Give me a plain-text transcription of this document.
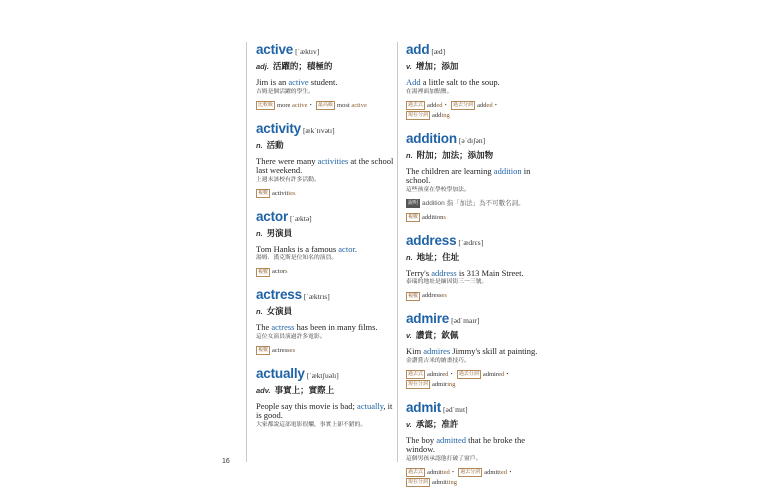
active [ˈæktɪv]
adj. 活躍的；積極的
Jim is an active student.
吉姆是個活躍的學生。
比較級 more active・ 最高級 most active
activity [ækˈtɪvətɪ]
n. 活動
There were many activities at the school last weekend.
上週末該校有許多活動。
複數 activities
actor [ˈæktə]
n. 男演員
Tom Hanks is a famous actor.
湯姆．漢克斯是位知名的演員。
複數 actors
actress [ˈæktrɪs]
n. 女演員
The actress has been in many films.
這位女演員演過許多電影。
複數 actresses
actually [ˈæktʃuəlɪ]
adv. 事實上；實際上
People say this movie is bad; actually, it is good.
大家都說這部電影很爛，事實上卻不錯的。
add [æd]
v. 增加；添加
Add a little salt to the soup.
在湯裡面加點鹽。
過去式 added・ 過去分詞 added・現在分詞 adding
addition [əˈdɪʃən]
n. 附加；加法；添加物
The children are learning addition in school.
這些孩童在學校學加法。
說明 addition 指「加法」為不可數名詞。
複數 additions
address [ˈædrɛs]
n. 地址；住址
Terry's address is 313 Main Street.
泰瑞的地址是緬因街三一三號。
複數 addresses
admire [ədˈmaɪr]
v. 讚賞；欽佩
Kim admires Jimmy's skill at painting.
金讚賞吉米的繪畫技巧。
過去式 admired・ 過去分詞 admired・現在分詞 admiring
admit [ədˈmɪt]
v. 承認；准許
The boy admitted that he broke the window.
這個男孩承認他打破了窗戶。
過去式 admitted・ 過去分詞 admitted・現在分詞 admitting
16
